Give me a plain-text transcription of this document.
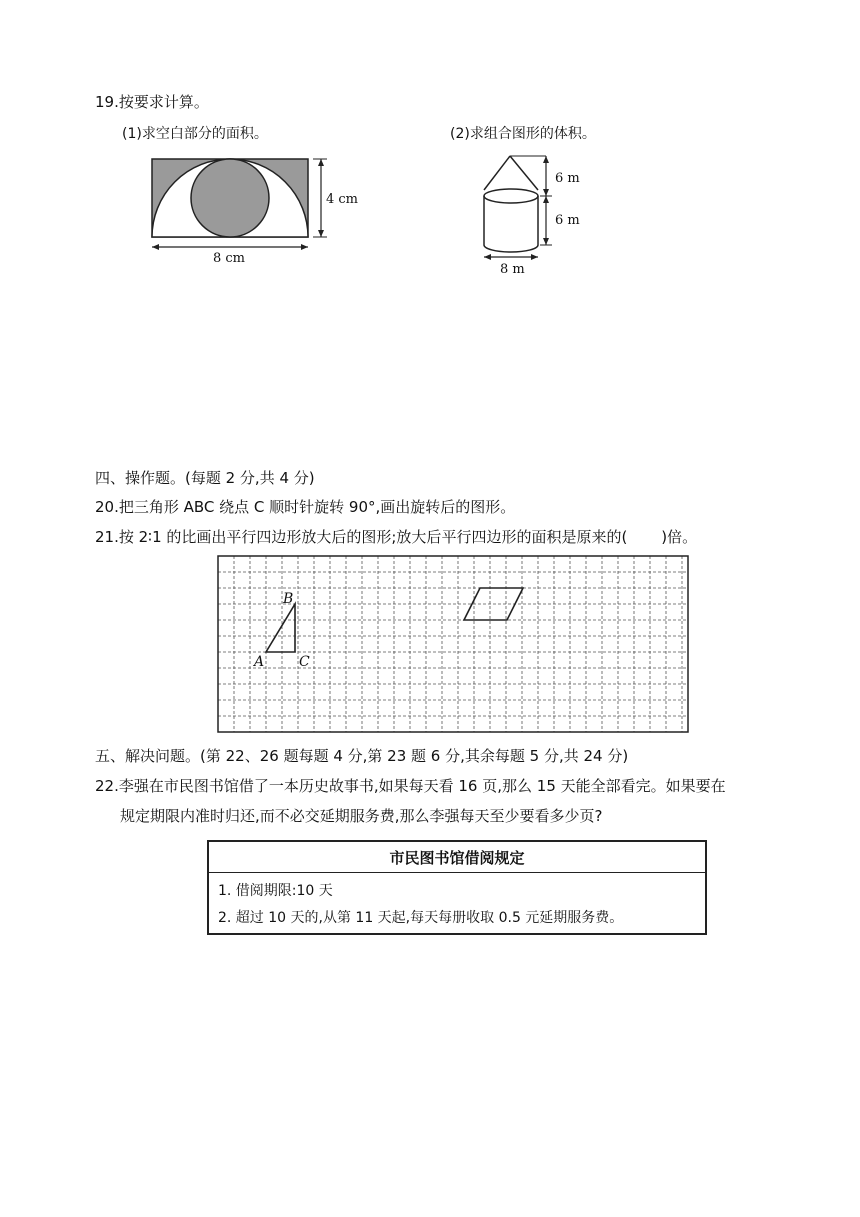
19.按要求计算。
(1)求空白部分的面积。	(2)求组合图形的体积。
4 cm
8 cm
6 m
6 m
8 m
四、操作题。(每题 2 分,共 4 分)
20.把三角形 ABC 绕点 C 顺时针旋转 90°,画出旋转后的图形。
21.按 2∶1 的比画出平行四边形放大后的图形;放大后平行四边形的面积是原来的( )倍。
A
B
C
五、解决问题。(第 22、26 题每题 4 分,第 23 题 6 分,其余每题 5 分,共 24 分)
22.李强在市民图书馆借了一本历史故事书,如果每天看 16 页,那么 15 天能全部看完。如果要在
规定期限内准时归还,而不必交延期服务费,那么李强每天至少要看多少页?
市民图书馆借阅规定
1. 借阅期限:10 天
2. 超过 10 天的,从第 11 天起,每天每册收取 0.5 元延期服务费。
